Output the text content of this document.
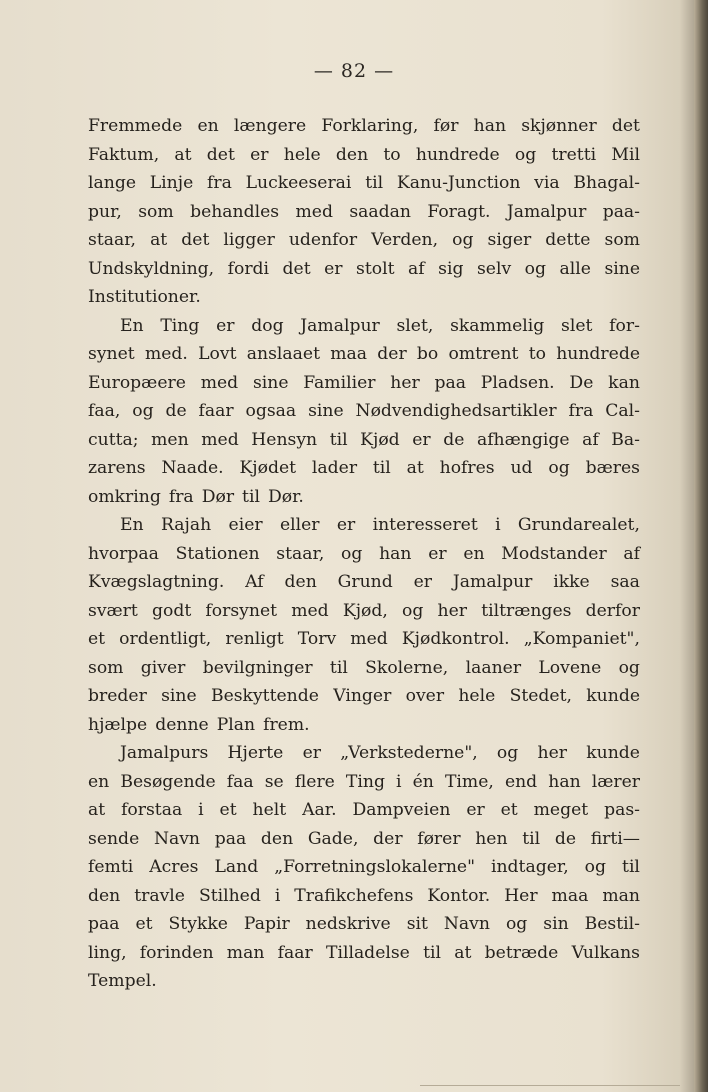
— 82 —
Fremmede en længere Forklaring, før han skjønner det
Faktum, at det er hele den to hundrede og tretti Mil
lange Linje fra Luckeeserai til Kanu-Junction via Bhagal-
pur, som behandles med saadan Foragt. Jamalpur paa-
staar, at det ligger udenfor Verden, og siger dette som
Undskyldning, fordi det er stolt af sig selv og alle sine
Institutioner.
En Ting er dog Jamalpur slet, skammelig slet for-
synet med. Lovt anslaaet maa der bo omtrent to hundrede
Europæere med sine Familier her paa Pladsen. De kan
faa, og de faar ogsaa sine Nødvendighedsartikler fra Cal-
cutta; men med Hensyn til Kjød er de afhængige af Ba-
zarens Naade. Kjødet lader til at hofres ud og bæres
omkring fra Dør til Dør.
En Rajah eier eller er interesseret i Grundarealet,
hvorpaa Stationen staar, og han er en Modstander af
Kvægslagtning. Af den Grund er Jamalpur ikke saa
svært godt forsynet med Kjød, og her tiltrænges derfor
et ordentligt, renligt Torv med Kjødkontrol. „Kompaniet",
som giver bevilgninger til Skolerne, laaner Lovene og
breder sine Beskyttende Vinger over hele Stedet, kunde
hjælpe denne Plan frem.
Jamalpurs Hjerte er „Verkstederne", og her kunde
en Besøgende faa se flere Ting i én Time, end han lærer
at forstaa i et helt Aar. Dampveien er et meget pas-
sende Navn paa den Gade, der fører hen til de firti—
femti Acres Land „Forretningslokalerne" indtager, og til
den travle Stilhed i Trafikchefens Kontor. Her maa man
paa et Stykke Papir nedskrive sit Navn og sin Bestil-
ling, forinden man faar Tilladelse til at betræde Vulkans
Tempel.
